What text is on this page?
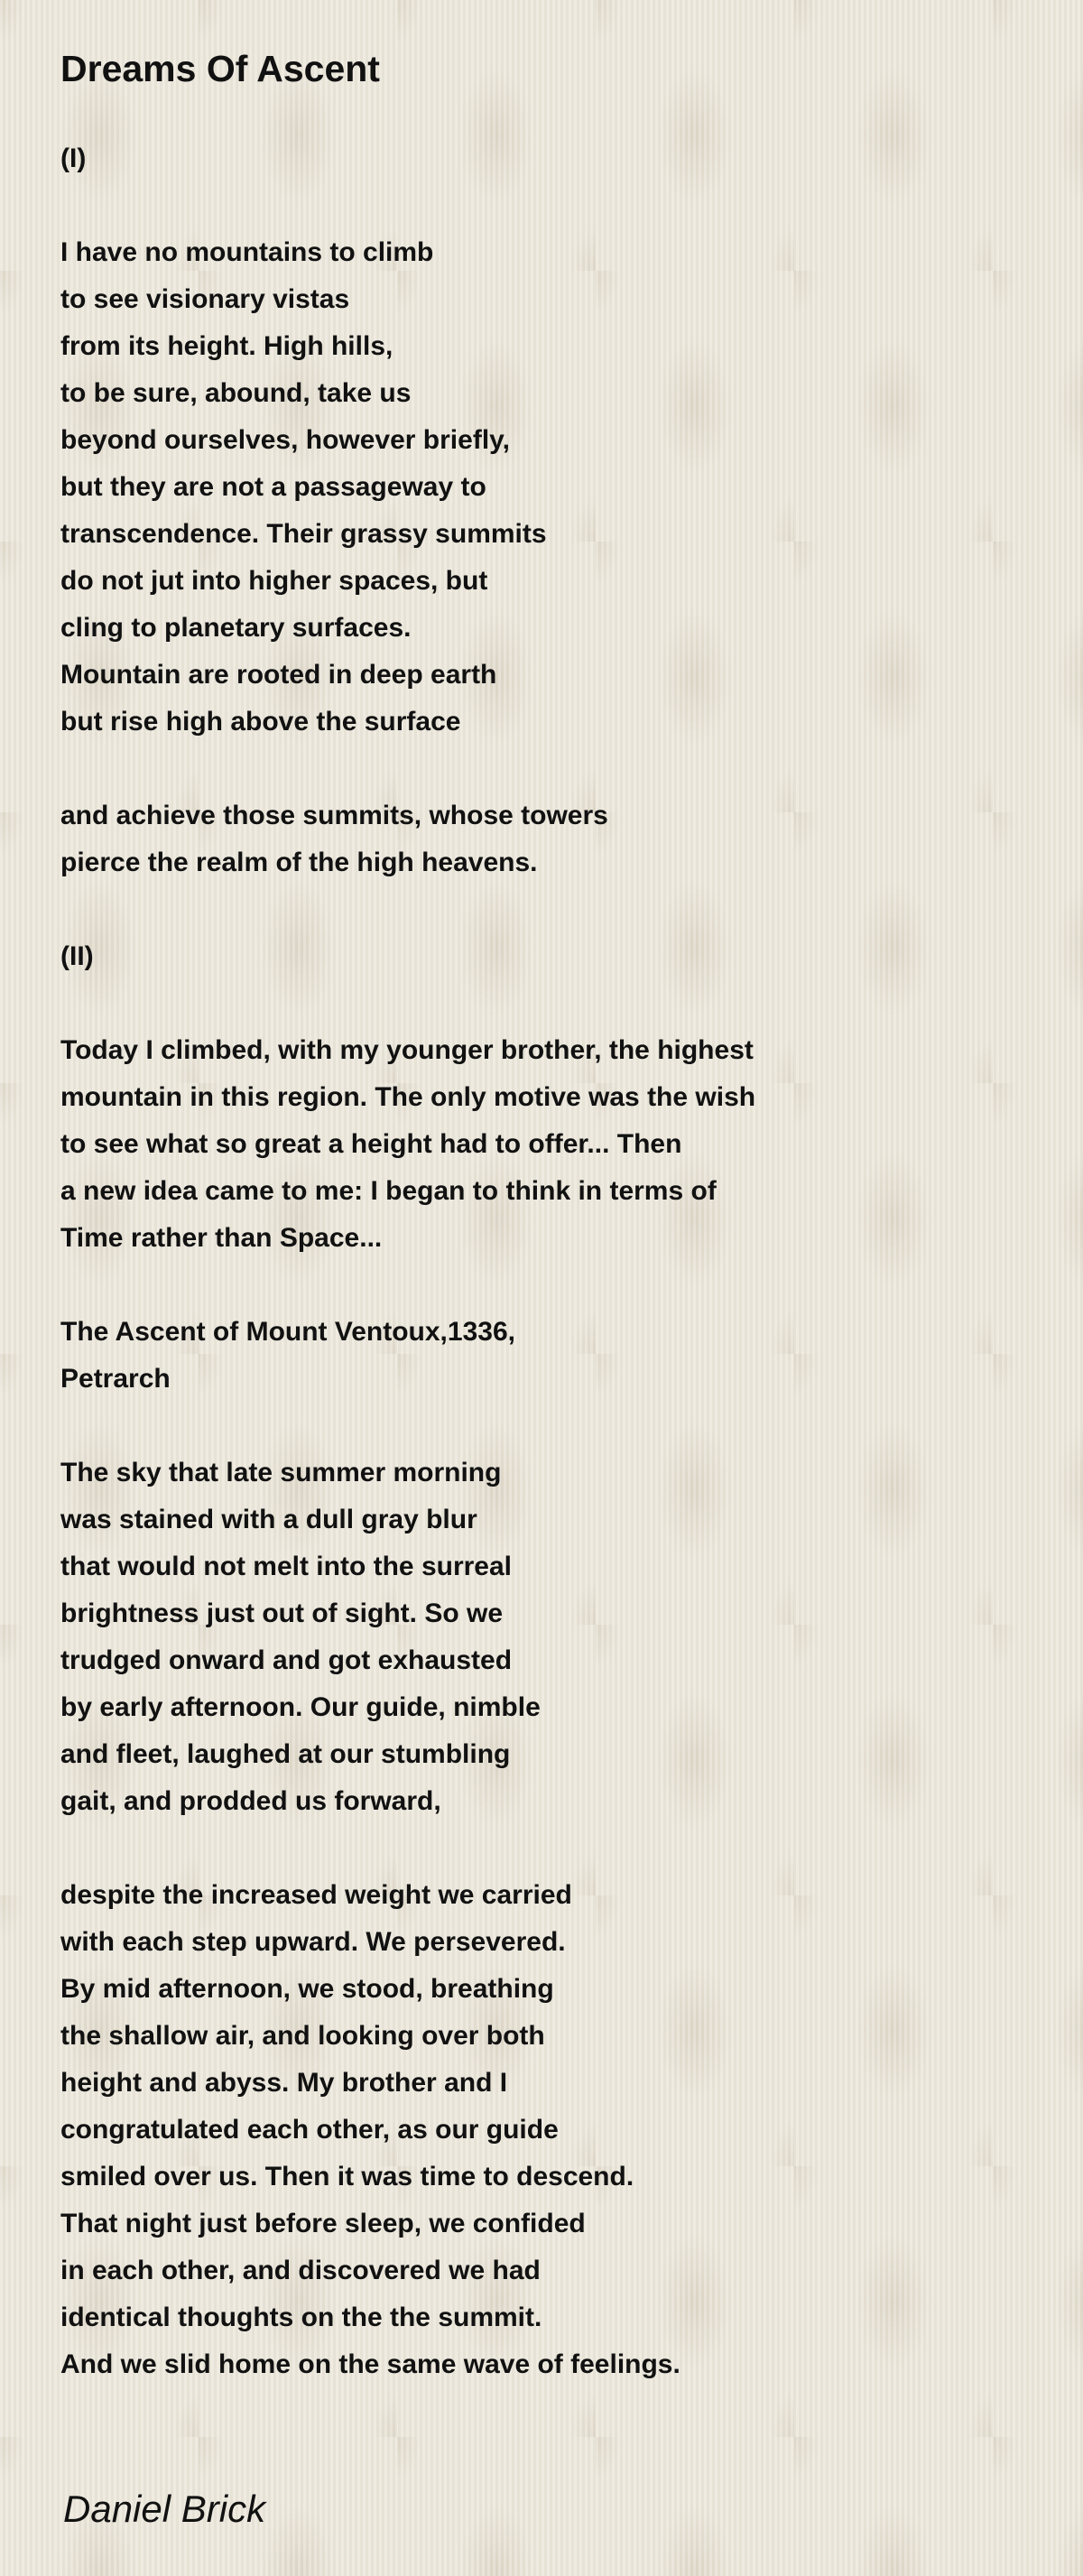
Dreams Of Ascent
(I)
I have no mountains to climb
to see visionary vistas
from its height. High hills,
to be sure, abound, take us
beyond ourselves, however briefly,
but they are not a passageway to
transcendence. Their grassy summits
do not jut into higher spaces, but
cling to planetary surfaces.
Mountain are rooted in deep earth
but rise high above the surface
and achieve those summits, whose towers
pierce the realm of the high heavens.
(II)
Today I climbed, with my younger brother, the highest
mountain in this region. The only motive was the wish
to see what so great a height had to offer... Then
a new idea came to me: I began to think in terms of
Time rather than Space...
The Ascent of Mount Ventoux,1336,
Petrarch
The sky that late summer morning
was stained with a dull gray blur
that would not melt into the surreal
brightness just out of sight. So we
trudged onward and got exhausted
by early afternoon. Our guide, nimble
and fleet, laughed at our stumbling
gait, and prodded us forward,
despite the increased weight we carried
with each step upward. We persevered.
By mid afternoon, we stood, breathing
the shallow air, and looking over both
height and abyss. My brother and I
congratulated each other, as our guide
smiled over us. Then it was time to descend.
That night just before sleep, we confided
in each other, and discovered we had
identical thoughts on the the summit.
And we slid home on the same wave of feelings.
Daniel Brick
